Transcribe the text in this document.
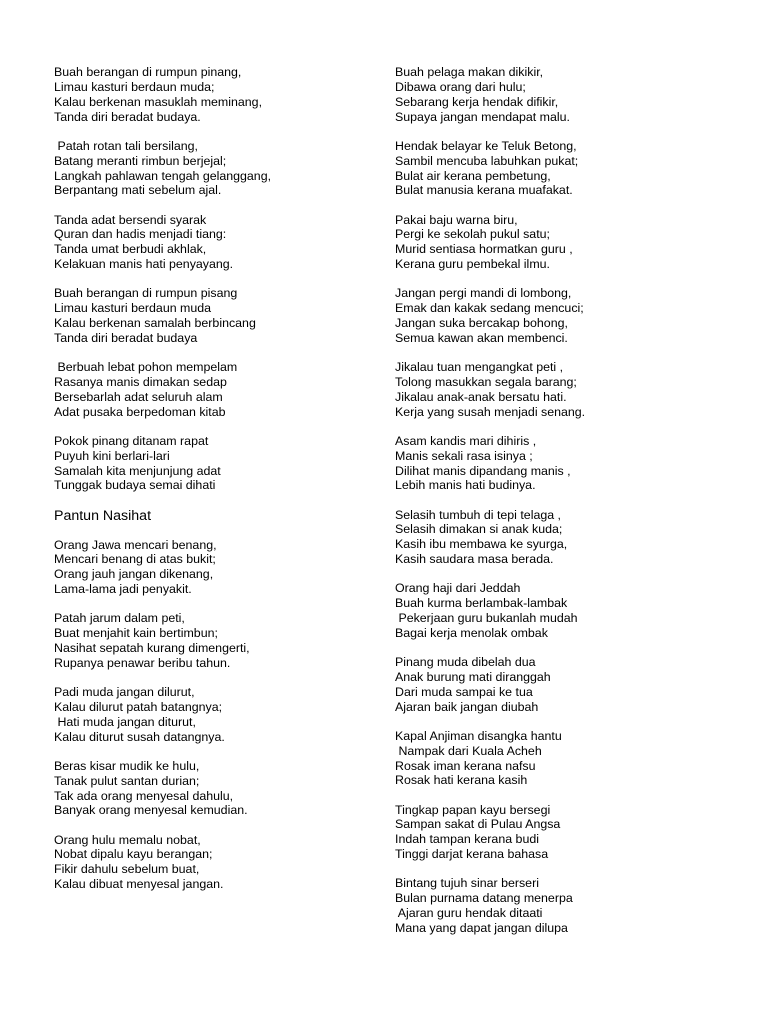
Buah berangan di rumpun pinang,
Limau kasturi berdaun muda;
Kalau berkenan masuklah meminang,
Tanda diri beradat budaya.
Patah rotan tali bersilang,
Batang meranti rimbun berjejal;
Langkah pahlawan tengah gelanggang,
Berpantang mati sebelum ajal.
Tanda adat bersendi syarak
Quran dan hadis menjadi tiang:
Tanda umat berbudi akhlak,
Kelakuan manis hati penyayang.
Buah berangan di rumpun pisang
Limau kasturi berdaun muda
Kalau berkenan samalah berbincang
Tanda diri beradat budaya
Berbuah lebat pohon mempelam
Rasanya manis dimakan sedap
Bersebarlah adat seluruh alam
Adat pusaka berpedoman kitab
Pokok pinang ditanam rapat
Puyuh kini berlari-lari
Samalah kita menjunjung adat
Tunggak budaya semai dihati
Pantun Nasihat
Orang Jawa mencari benang,
Mencari benang di atas bukit;
Orang jauh jangan dikenang,
Lama-lama jadi penyakit.
Patah jarum dalam peti,
Buat menjahit kain bertimbun;
Nasihat sepatah kurang dimengerti,
Rupanya penawar beribu tahun.
Padi muda jangan dilurut,
Kalau dilurut patah batangnya;
Hati muda jangan diturut,
Kalau diturut susah datangnya.
Beras kisar mudik ke hulu,
Tanak pulut santan durian;
Tak ada orang menyesal dahulu,
Banyak orang menyesal kemudian.
Orang hulu memalu nobat,
Nobat dipalu kayu berangan;
Fikir dahulu sebelum buat,
Kalau dibuat menyesal jangan.
Buah pelaga makan dikikir,
Dibawa orang dari hulu;
Sebarang kerja hendak difikir,
Supaya jangan mendapat malu.
Hendak belayar ke Teluk Betong,
Sambil mencuba labuhkan pukat;
Bulat air kerana pembetung,
Bulat manusia kerana muafakat.
Pakai baju warna biru,
Pergi ke sekolah pukul satu;
Murid sentiasa hormatkan guru ,
Kerana guru pembekal ilmu.
Jangan pergi mandi di lombong,
Emak dan kakak sedang mencuci;
Jangan suka bercakap bohong,
Semua kawan akan membenci.
Jikalau tuan mengangkat peti ,
Tolong masukkan segala barang;
Jikalau anak-anak bersatu hati.
Kerja yang susah menjadi senang.
Asam kandis mari dihiris ,
Manis sekali rasa isinya ;
Dilihat manis dipandang manis ,
Lebih manis hati budinya.
Selasih tumbuh di tepi telaga ,
Selasih dimakan si anak kuda;
Kasih ibu membawa ke syurga,
Kasih saudara masa berada.
Orang haji dari Jeddah
Buah kurma berlambak-lambak
Pekerjaan guru bukanlah mudah
Bagai kerja menolak ombak
Pinang muda dibelah dua
Anak burung mati diranggah
Dari muda sampai ke tua
Ajaran baik jangan diubah
Kapal Anjiman disangka hantu
Nampak dari Kuala Acheh
Rosak iman kerana nafsu
Rosak hati kerana kasih
Tingkap papan kayu bersegi
Sampan sakat di Pulau Angsa
Indah tampan kerana budi
Tinggi darjat kerana bahasa
Bintang tujuh sinar berseri
Bulan purnama datang menerpa
Ajaran guru hendak ditaati
Mana yang dapat jangan dilupa
